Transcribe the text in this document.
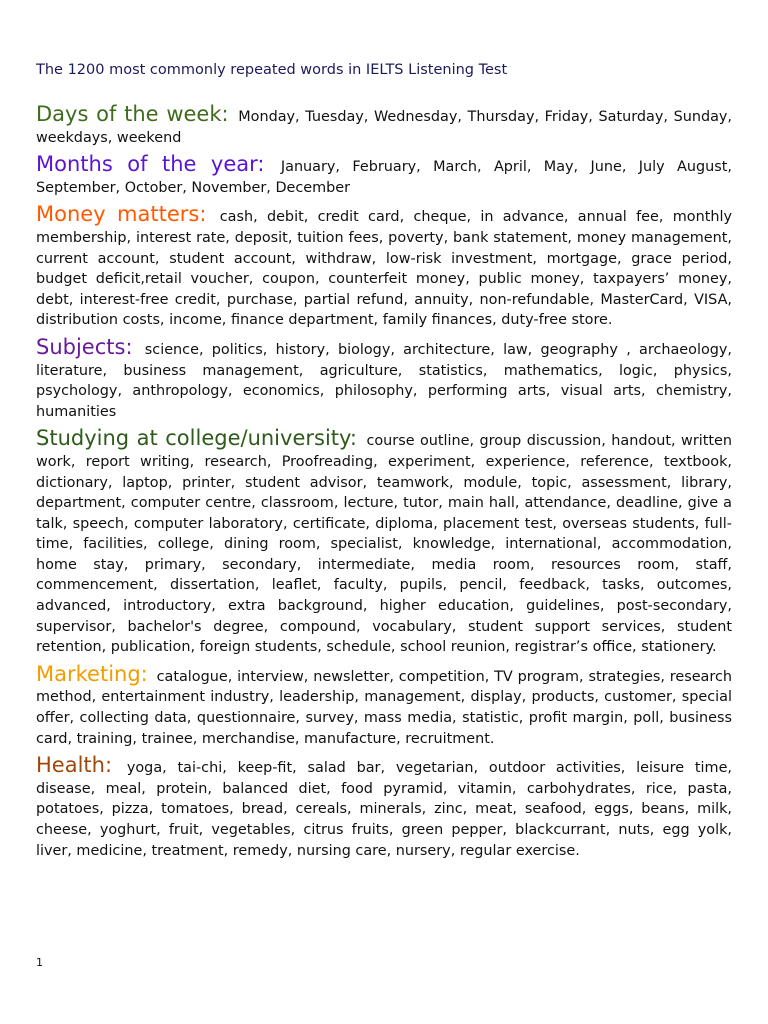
The 1200 most commonly repeated words in IELTS Listening Test

Days of the week: Monday, Tuesday, Wednesday, Thursday, Friday, Saturday, Sunday, weekdays, weekend

Months of the year: January, February, March, April, May, June, July August, September, October, November, December

Money matters: cash, debit, credit card, cheque, in advance, annual fee, monthly membership, interest rate, deposit, tuition fees, poverty, bank statement, money management, current account, student account, withdraw, low-risk investment, mortgage, grace period, budget deficit,retail voucher, coupon, counterfeit money, public money, taxpayers’ money, debt, interest-free credit, purchase, partial refund, annuity, non-refundable, MasterCard, VISA, distribution costs, income, finance department, family finances, duty-free store.

Subjects: science, politics, history, biology, architecture, law, geography , archaeology, literature, business management, agriculture, statistics, mathematics, logic, physics, psychology, anthropology, economics, philosophy, performing arts, visual arts, chemistry, humanities

Studying at college/university: course outline, group discussion, handout, written work, report writing, research, Proofreading, experiment, experience, reference, textbook, dictionary, laptop, printer, student advisor, teamwork, module, topic, assessment, library, department, computer centre, classroom, lecture, tutor, main hall, attendance, deadline, give a talk, speech, computer laboratory, certificate, diploma, placement test, overseas students, full-time, facilities, college, dining room, specialist, knowledge, international, accommodation, home stay, primary, secondary, intermediate, media room, resources room, staff, commencement, dissertation, leaflet, faculty, pupils, pencil, feedback, tasks, outcomes, advanced, introductory, extra background, higher education, guidelines, post-secondary, supervisor, bachelor's degree, compound, vocabulary, student support services, student retention, publication, foreign students, schedule, school reunion, registrar’s office, stationery.

Marketing: catalogue, interview, newsletter, competition, TV program, strategies, research method, entertainment industry, leadership, management, display, products, customer, special offer, collecting data, questionnaire, survey, mass media, statistic, profit margin, poll, business card, training, trainee, merchandise, manufacture, recruitment.

Health: yoga, tai-chi, keep-fit, salad bar, vegetarian, outdoor activities, leisure time, disease, meal, protein, balanced diet, food pyramid, vitamin, carbohydrates, rice, pasta, potatoes, pizza, tomatoes, bread, cereals, minerals, zinc, meat, seafood, eggs, beans, milk, cheese, yoghurt, fruit, vegetables, citrus fruits, green pepper, blackcurrant, nuts, egg yolk, liver, medicine, treatment, remedy, nursing care, nursery, regular exercise.

1
